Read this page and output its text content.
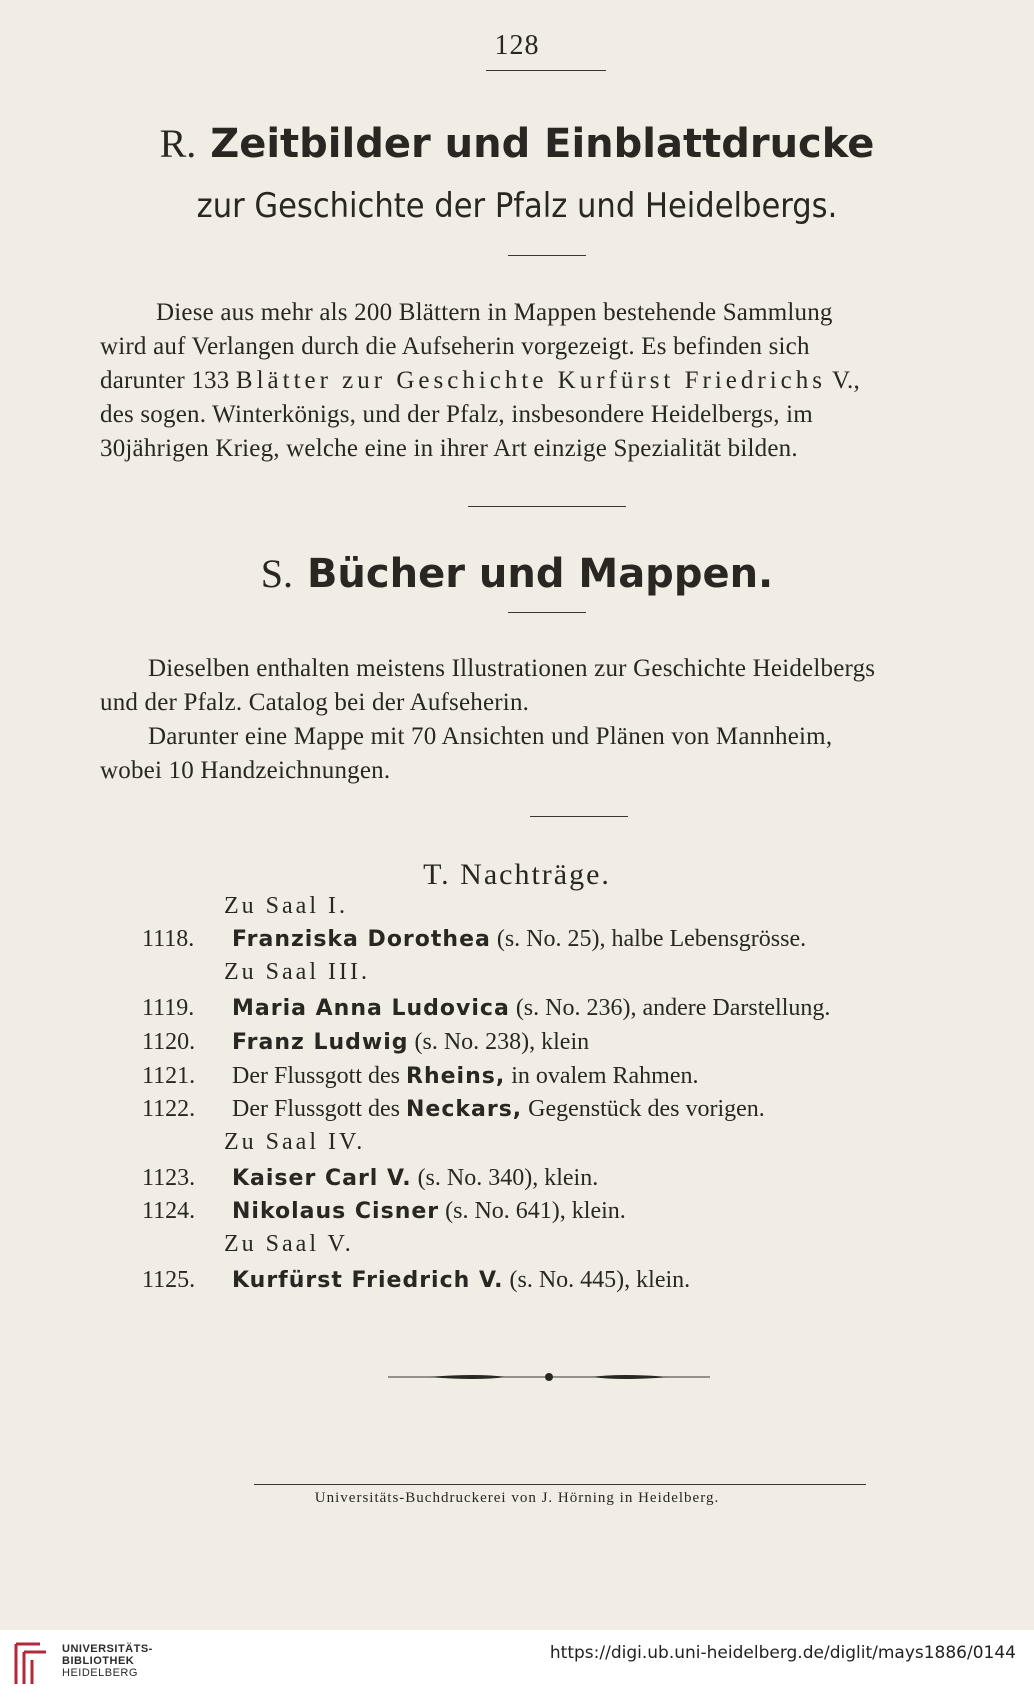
128
R. Zeitbilder und Einblattdrucke
zur Geschichte der Pfalz und Heidelbergs.

Diese aus mehr als 200 Blättern in Mappen bestehende Sammlung

wird auf Verlangen durch die Aufseherin vorgezeigt. Es befinden sich

darunter 133 Blätter zur Geschichte Kurfürst Friedrichs V.,

des sogen. Winterkönigs, und der Pfalz, insbesondere Heidelbergs, im

30jährigen Krieg, welche eine in ihrer Art einzige Spezialität bilden.

S. Bücher und Mappen.

Dieselben enthalten meistens Illustrationen zur Geschichte Heidelbergs

und der Pfalz. Catalog bei der Aufseherin.

Darunter eine Mappe mit 70 Ansichten und Plänen von Mannheim,

wobei 10 Handzeichnungen.

T. Nachträge.
Zu Saal I.
1118. Franziska Dorothea (s. No. 25), halbe Lebensgrösse.
Zu Saal III.
1119. Maria Anna Ludovica (s. No. 236), andere Darstellung.
1120. Franz Ludwig (s. No. 238), klein
1121. Der Flussgott des Rheins, in ovalem Rahmen.
1122. Der Flussgott des Neckars, Gegenstück des vorigen.
Zu Saal IV.
1123. Kaiser Carl V. (s. No. 340), klein.
1124. Nikolaus Cisner (s. No. 641), klein.
Zu Saal V.
1125. Kurfürst Friedrich V. (s. No. 445), klein.
Universitäts-Buchdruckerei von J. Hörning in Heidelberg.
UNIVERSITÄTS-
BIBLIOTHEK
HEIDELBERG
https://digi.ub.uni-heidelberg.de/diglit/mays1886/0144
